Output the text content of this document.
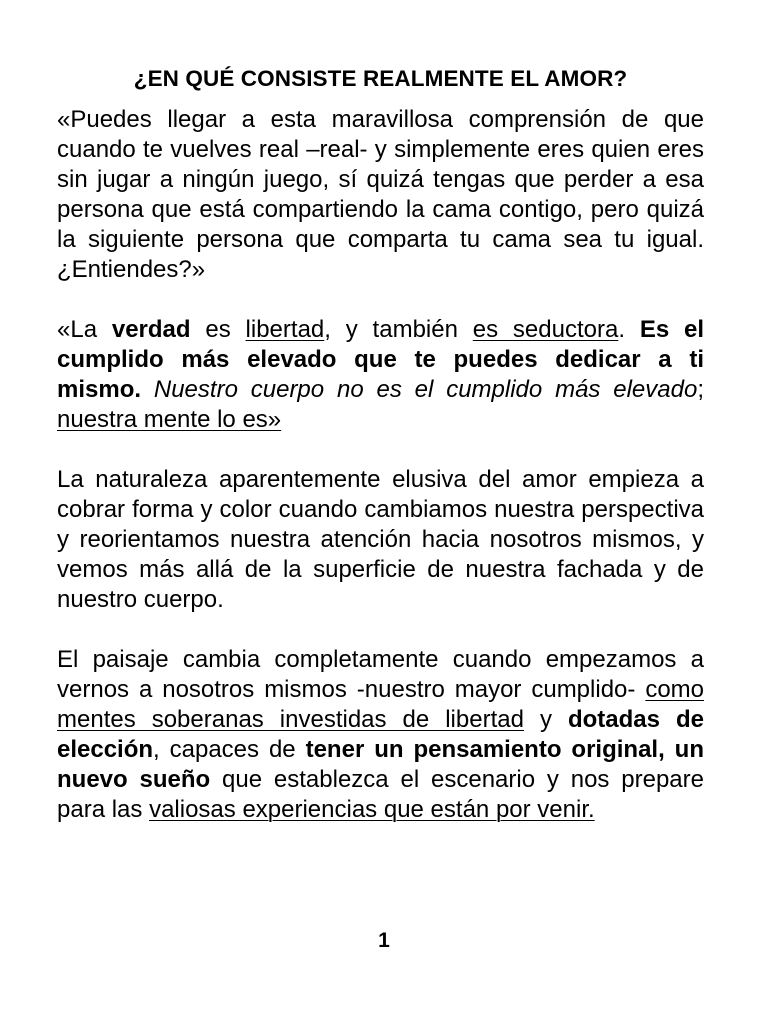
¿EN QUÉ CONSISTE REALMENTE EL AMOR?

«Puedes llegar a esta maravillosa comprensión de que cuando te vuelves real –real- y simplemente eres quien eres sin jugar a ningún juego, sí quizá tengas que perder a esa persona que está compartiendo la cama contigo, pero quizá la siguiente persona que comparta tu cama sea tu igual. ¿Entiendes?»

«La verdad es libertad, y también es seductora. Es el cumplido más elevado que te puedes dedicar a ti mismo. Nuestro cuerpo no es el cumplido más elevado; nuestra mente lo es»

La naturaleza aparentemente elusiva del amor empieza a cobrar forma y color cuando cambiamos nuestra perspectiva y reorientamos nuestra atención hacia nosotros mismos, y vemos más allá de la superficie de nuestra fachada y de nuestro cuerpo.

El paisaje cambia completamente cuando empezamos a vernos a nosotros mismos -nuestro mayor cumplido- como mentes soberanas investidas de libertad y dotadas de elección, capaces de tener un pensamiento original, un nuevo sueño que establezca el escenario y nos prepare para las valiosas experiencias que están por venir.

1
